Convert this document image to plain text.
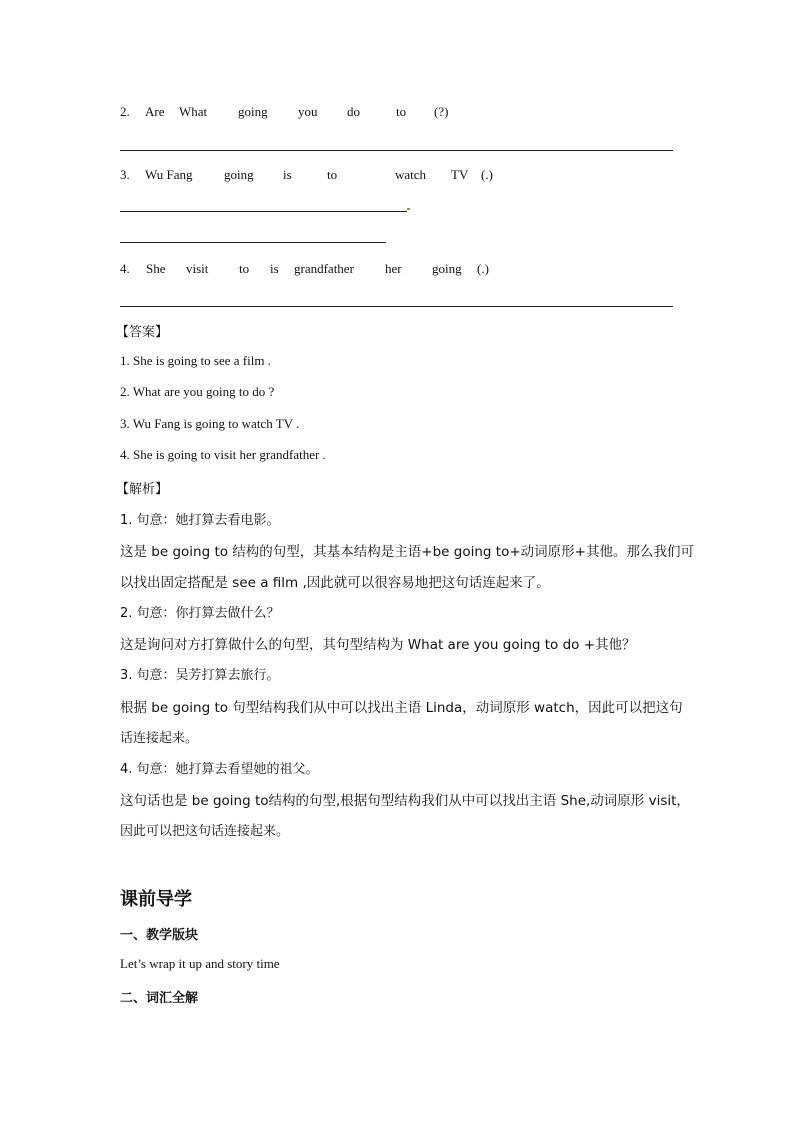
2. Are What going you do	to (?)
3. Wu Fang going is	to	watch TV (.)
4. She visit to is grandfather her going (.)
【答案】
1. She is going to see a film .
2. What are you going to do ?
3. Wu Fang is going to watch TV .
4. She is going to visit her grandfather .
【解析】
1. 句意：她打算去看电影。
这是 be going to 结构的句型，其基本结构是主语+be going to+动词原形+其他。那么我们可
以找出固定搭配是 see a film ,因此就可以很容易地把这句话连起来了。
2. 句意：你打算去做什么？
这是询问对方打算做什么的句型，其句型结构为 What are you going to do +其他？
3. 句意：吴芳打算去旅行。
根据 be going to 句型结构我们从中可以找出主语 Linda，动词原形 watch，因此可以把这句
话连接起来。
4. 句意：她打算去看望她的祖父。
这句话也是 be going to结构的句型,根据句型结构我们从中可以找出主语 She,动词原形 visit，
因此可以把这句话连接起来。
课前导学
一、教学版块
Let’s wrap it up and story time
二、词汇全解
